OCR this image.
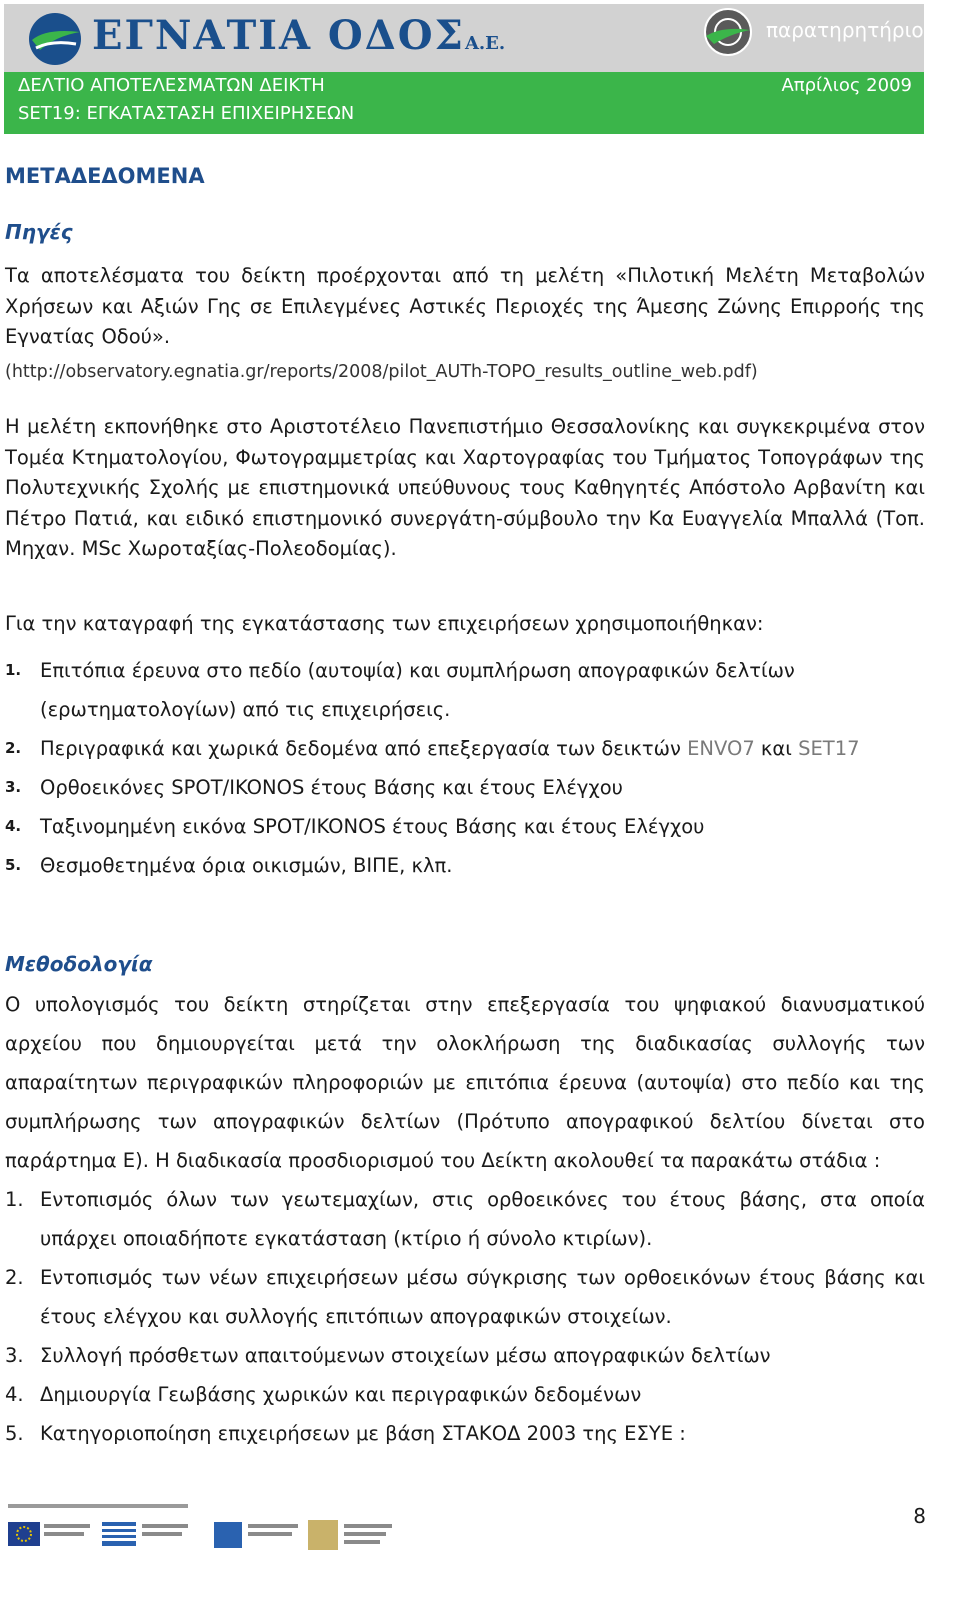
ΕΓΝΑΤΙΑ ΟΔΟΣΑ.Ε.
παρατηρητήριο
ΔΕΛΤΙΟ ΑΠΟΤΕΛΕΣΜΑΤΩΝ ΔΕΙΚΤΗ
SET19: ΕΓΚΑΤΑΣΤΑΣΗ ΕΠΙΧΕΙΡΗΣΕΩΝ
Απρίλιος 2009
ΜΕΤΑΔΕΔΟΜΕΝΑ
Πηγές
Τα αποτελέσματα του δείκτη προέρχονται από τη μελέτη «Πιλοτική Μελέτη Μεταβολών Χρήσεων και Αξιών Γης σε Επιλεγμένες Αστικές Περιοχές της Άμεσης Ζώνης Επιρροής της Εγνατίας Οδού».
(http://observatory.egnatia.gr/reports/2008/pilot_AUTh-TOPO_results_outline_web.pdf)
Η μελέτη εκπονήθηκε στο Αριστοτέλειο Πανεπιστήμιο Θεσσαλονίκης και συγκεκριμένα στον Τομέα Κτηματολογίου, Φωτογραμμετρίας και Χαρτογραφίας του Τμήματος Τοπογράφων της Πολυτεχνικής Σχολής με επιστημονικά υπεύθυνους τους Καθηγητές Απόστολο Αρβανίτη και Πέτρο Πατιά, και ειδικό επιστημονικό συνεργάτη-σύμβουλο την Κα Ευαγγελία Μπαλλά (Τοπ. Μηχαν. MSc Χωροταξίας-Πολεοδομίας).
Για την καταγραφή της εγκατάστασης των επιχειρήσεων χρησιμοποιήθηκαν:
1. Επιτόπια έρευνα στο πεδίο (αυτοψία) και συμπλήρωση απογραφικών δελτίων (ερωτηματολογίων) από τις επιχειρήσεις.
2. Περιγραφικά και χωρικά δεδομένα από επεξεργασία των δεικτών ENVO7 και SET17
3. Ορθοεικόνες SPOT/IKONOS έτους Βάσης και έτους Ελέγχου
4. Ταξινομημένη εικόνα SPOT/IKONOS έτους Βάσης και έτους Ελέγχου
5. Θεσμοθετημένα όρια οικισμών, ΒΙΠΕ, κλπ.
Μεθοδολογία
Ο υπολογισμός του δείκτη στηρίζεται στην επεξεργασία του ψηφιακού διανυσματικού αρχείου που δημιουργείται μετά την ολοκλήρωση της διαδικασίας συλλογής των απαραίτητων περιγραφικών πληροφοριών με επιτόπια έρευνα (αυτοψία) στο πεδίο και της συμπλήρωσης των απογραφικών δελτίων (Πρότυπο απογραφικού δελτίου δίνεται στο παράρτημα Ε). Η διαδικασία προσδιορισμού του Δείκτη ακολουθεί τα παρακάτω στάδια :
1. Εντοπισμός όλων των γεωτεμαχίων, στις ορθοεικόνες του έτους βάσης, στα οποία υπάρχει οποιαδήποτε εγκατάσταση (κτίριο ή σύνολο κτιρίων).
2. Εντοπισμός των νέων επιχειρήσεων μέσω σύγκρισης των ορθοεικόνων έτους βάσης και έτους ελέγχου και συλλογής επιτόπιων απογραφικών στοιχείων.
3. Συλλογή πρόσθετων απαιτούμενων στοιχείων μέσω απογραφικών δελτίων
4. Δημιουργία Γεωβάσης χωρικών και περιγραφικών δεδομένων
5. Κατηγοριοποίηση επιχειρήσεων με βάση ΣΤΑΚΟΔ 2003 της ΕΣΥΕ :
8
